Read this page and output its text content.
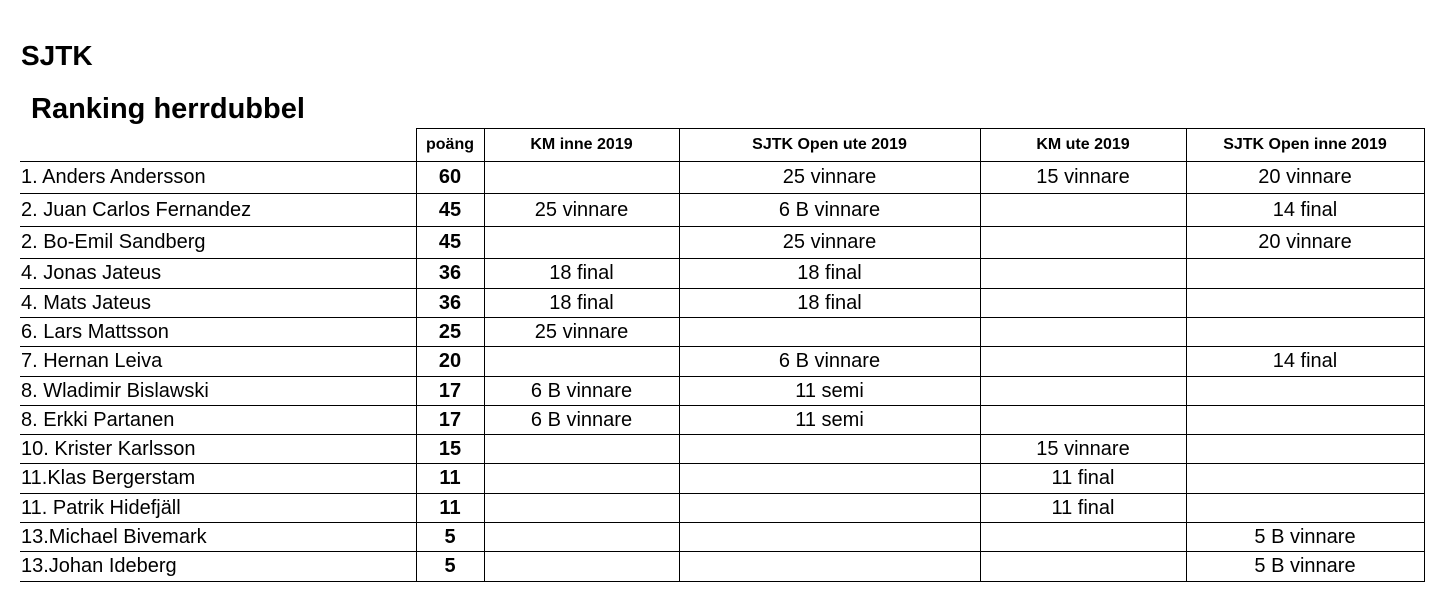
SJTK
Ranking herrdubbel
	poäng	KM inne 2019	SJTK Open ute 2019	KM ute 2019	SJTK Open inne 2019
1. Anders Andersson	60		25 vinnare	15 vinnare	20 vinnare
2. Juan Carlos Fernandez	45	25 vinnare	6 B vinnare		14 final
2. Bo-Emil Sandberg	45		25 vinnare		20 vinnare
4. Jonas Jateus	36	18 final	18 final		
4. Mats Jateus	36	18 final	18 final		
6. Lars Mattsson	25	25 vinnare			
7. Hernan Leiva	20		6 B vinnare		14 final
8. Wladimir Bislawski	17	6 B vinnare	11 semi		
8. Erkki Partanen	17	6 B vinnare	11 semi		
10. Krister Karlsson	15			15 vinnare	
11.Klas Bergerstam	11			11 final	
11. Patrik Hidefjäll	11			11 final	
13.Michael Bivemark	5				5 B vinnare
13.Johan Ideberg	5				5 B vinnare
